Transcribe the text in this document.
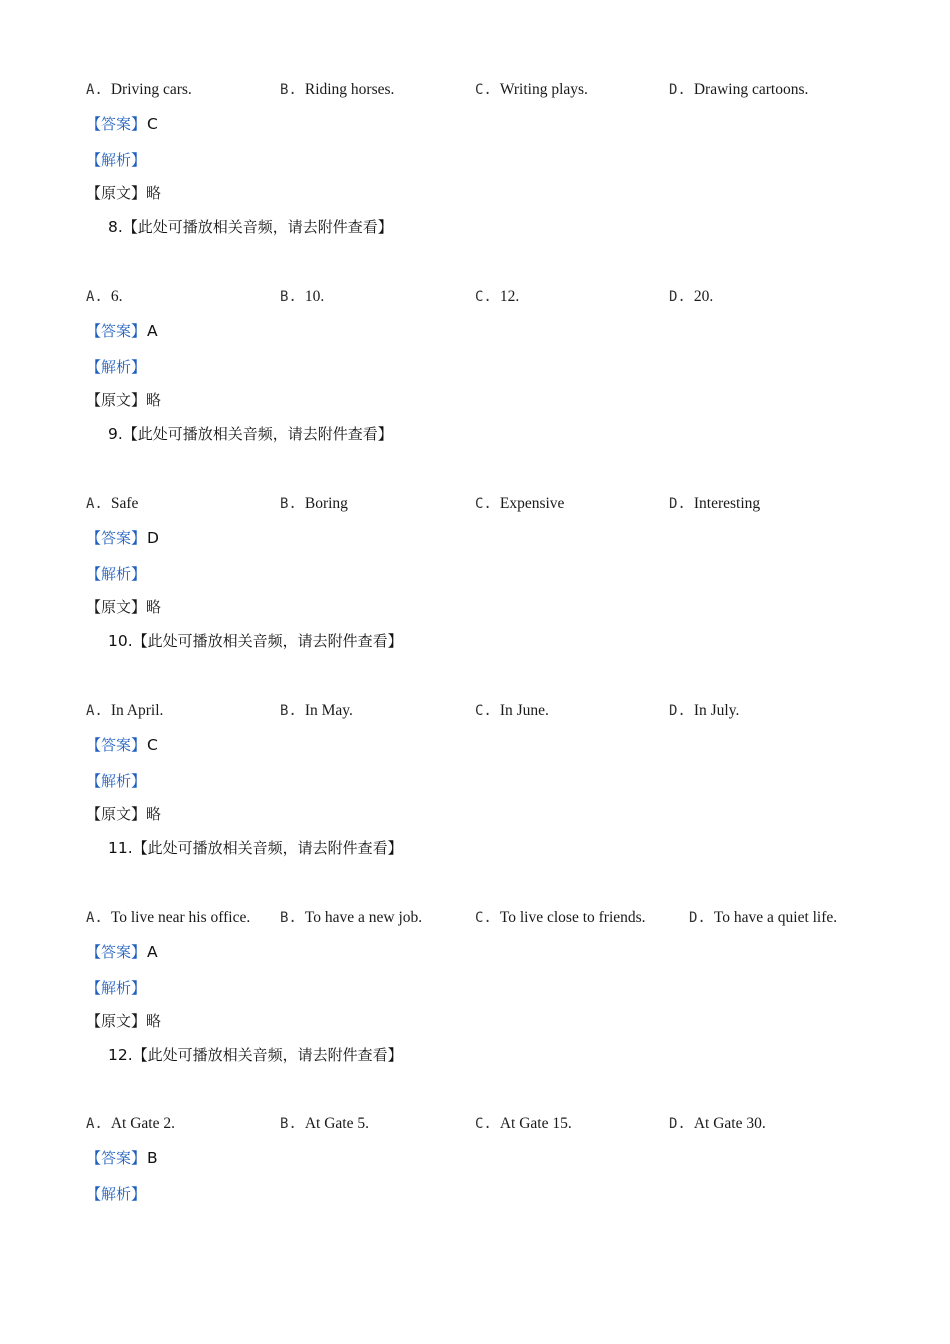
A. Driving cars.	B. Riding horses.	C. Writing plays.	D. Drawing cartoons.
【答案】C
【解析】
【原文】略
8.【此处可播放相关音频，请去附件查看】
A. 6.	B. 10.	C. 12.	D. 20.
【答案】A
【解析】
【原文】略
9.【此处可播放相关音频，请去附件查看】
A. Safe	B. Boring	C. Expensive	D. Interesting
【答案】D
【解析】
【原文】略
10.【此处可播放相关音频，请去附件查看】
A. In April.	B. In May.	C. In June.	D. In July.
【答案】C
【解析】
【原文】略
11.【此处可播放相关音频，请去附件查看】
A. To live near his office. B. To have a new job.	C. To live close to friends.	D. To have a quiet life.
【答案】A
【解析】
【原文】略
12.【此处可播放相关音频，请去附件查看】
A. At Gate 2.	B. At Gate 5.	C. At Gate 15.	D. At Gate 30.
【答案】B
【解析】
